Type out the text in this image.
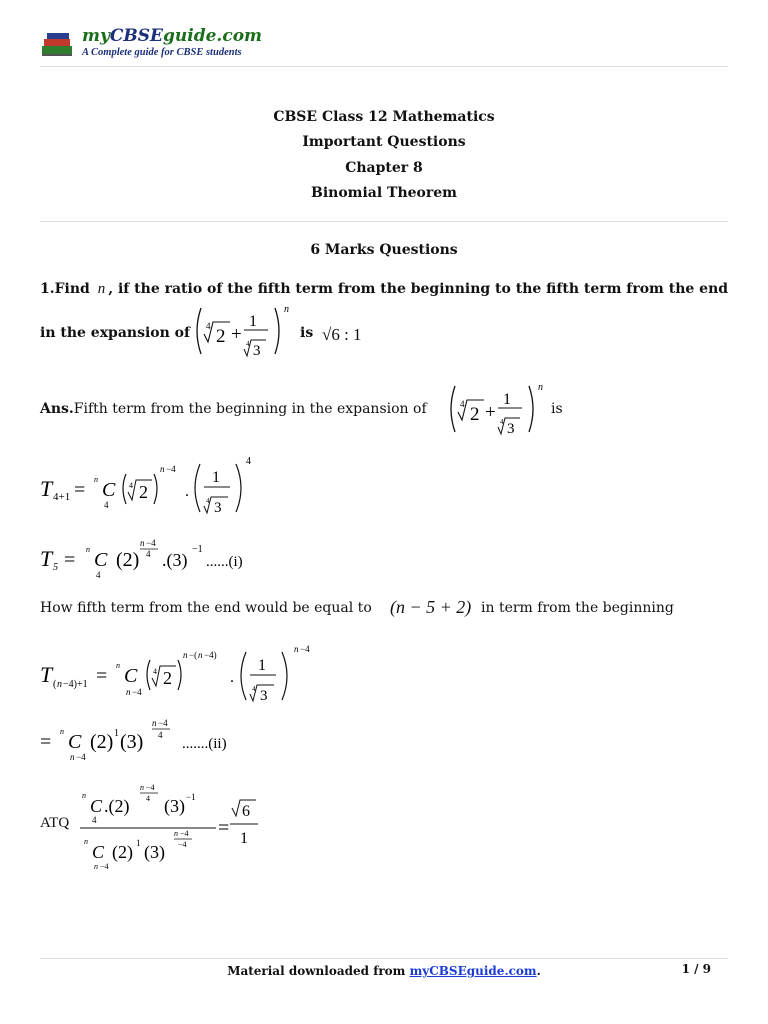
myCBSEguide.com
A Complete guide for CBSE students
CBSE Class 12 Mathematics
Important Questions
Chapter 8
Binomial Theorem
6 Marks Questions
1.Find n , if the ratio of the fifth term from the beginning to the fifth term from the end
in the expansion of 4 2 +
1
4 3
n
is √6 : 1
Ans.Fifth term from the beginning in the expansion of	4 2 +
1
4 3
n
is
T 4+1 = n C
4
4 2
n −4
.
1
4 3
4
T 5 = n C
4
(2)
n −4
4 .(3)
−1
......(i)
How fifth term from the end would be equal to (n − 5 + 2) in term from the beginning
T ( n −4)+1 = n C
n −4
4 2
n −( n −4)
.
1
4 3
n −4
= n C
n −4
(2) 1 (3)
n −4
4
.......(ii)
ATQ
n
C
4
.(2)
n −4
4 (3) −1
n
C
n −4
(2) 1 (3)
n −4
−4
=
6
1
Material downloaded from myCBSEguide.com.	1 / 9
